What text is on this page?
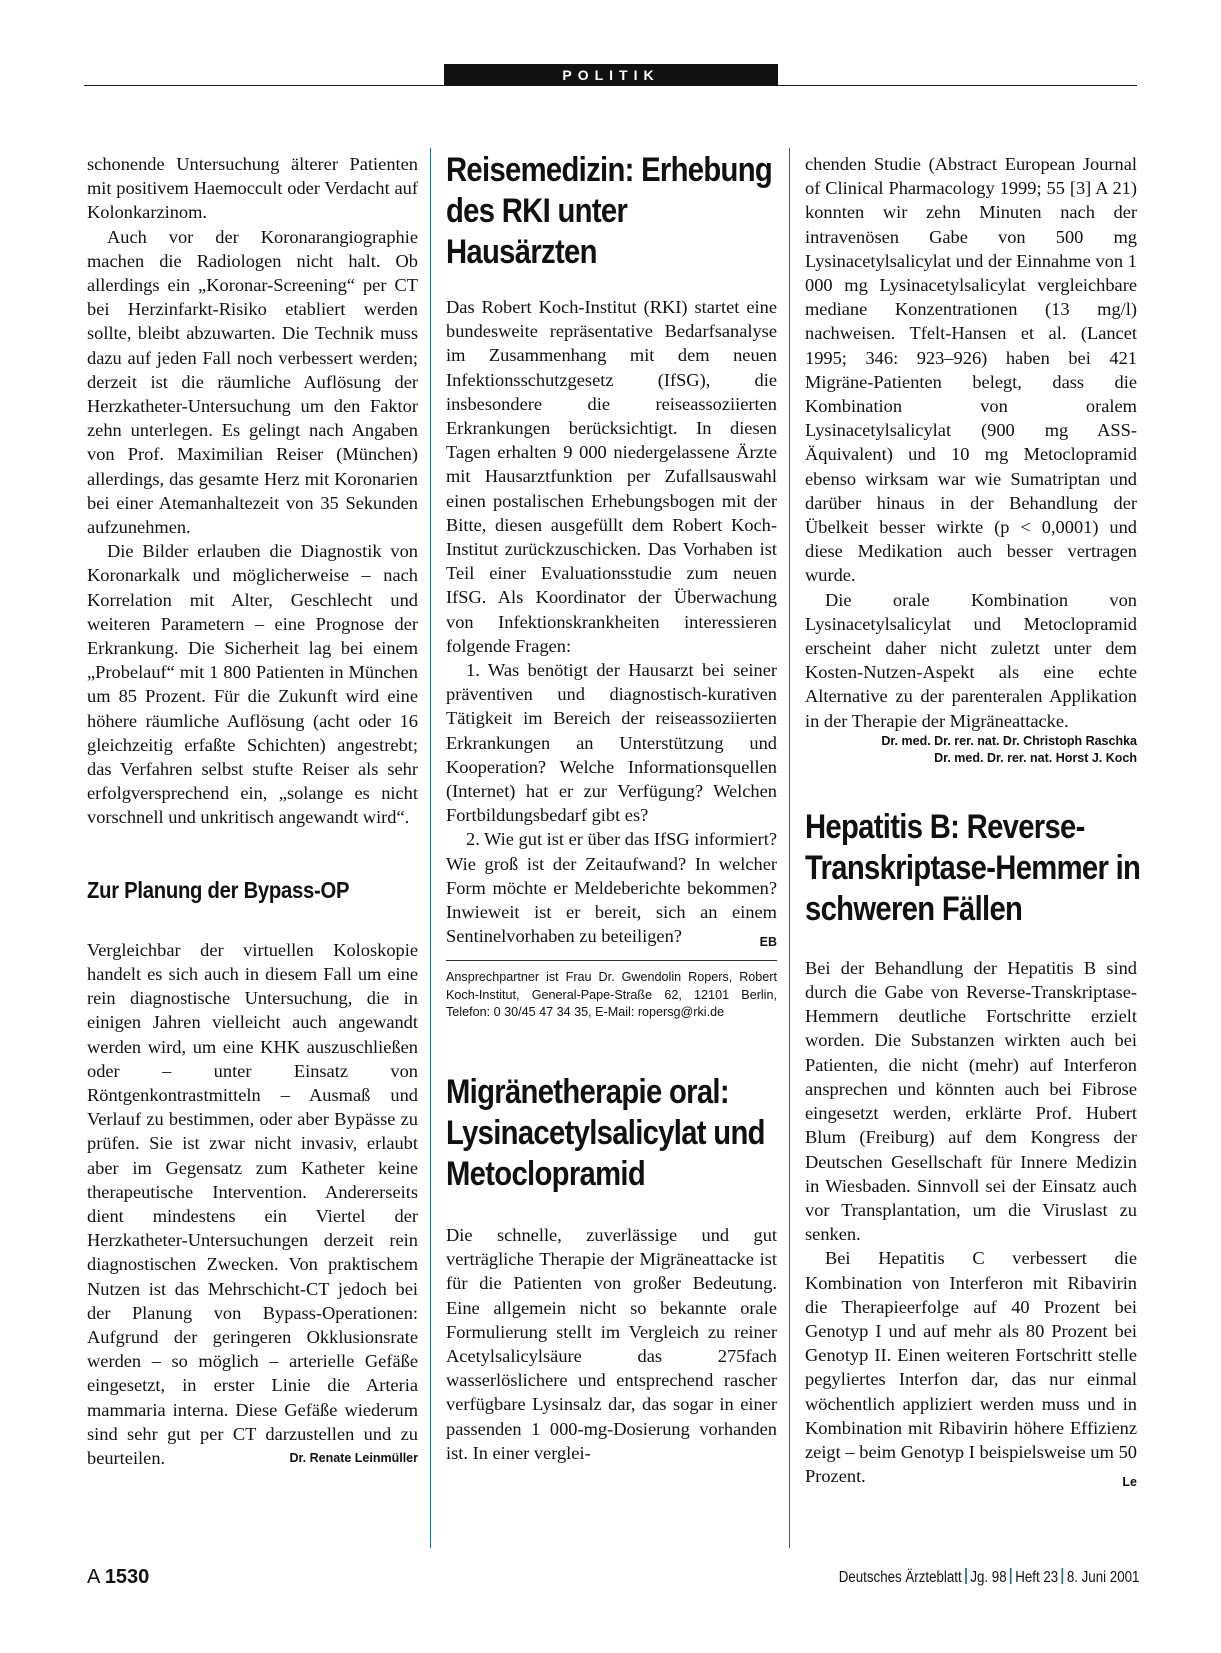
POLITIK

schonende Untersuchung älterer Patienten mit positivem Haemoccult oder Verdacht auf Kolonkarzinom.

Auch vor der Koronarangiographie machen die Radiologen nicht halt. Ob allerdings ein „Koronar-Screening“ per CT bei Herzinfarkt-Risiko etabliert werden sollte, bleibt abzuwarten. Die Technik muss dazu auf jeden Fall noch verbessert werden; derzeit ist die räumliche Auflösung der Herzkatheter-Untersuchung um den Faktor zehn unterlegen. Es gelingt nach Angaben von Prof. Maximilian Reiser (München) allerdings, das gesamte Herz mit Koronarien bei einer Atemanhaltezeit von 35 Sekunden aufzunehmen.

Die Bilder erlauben die Diagnostik von Koronarkalk und möglicherweise – nach Korrelation mit Alter, Geschlecht und weiteren Parametern – eine Prognose der Erkrankung. Die Sicherheit lag bei einem „Probelauf“ mit 1 800 Patienten in München um 85 Prozent. Für die Zukunft wird eine höhere räumliche Auflösung (acht oder 16 gleichzeitig erfaßte Schichten) angestrebt; das Verfahren selbst stufte Reiser als sehr erfolgversprechend ein, „solange es nicht vorschnell und unkritisch angewandt wird“.

Zur Planung der Bypass-OP

Vergleichbar der virtuellen Koloskopie handelt es sich auch in diesem Fall um eine rein diagnostische Untersuchung, die in einigen Jahren vielleicht auch angewandt werden wird, um eine KHK auszuschließen oder – unter Einsatz von Röntgenkontrastmitteln – Ausmaß und Verlauf zu bestimmen, oder aber Bypässe zu prüfen. Sie ist zwar nicht invasiv, erlaubt aber im Gegensatz zum Katheter keine therapeutische Intervention. Andererseits dient mindestens ein Viertel der Herzkatheter-Untersuchungen derzeit rein diagnostischen Zwecken. Von praktischem Nutzen ist das Mehrschicht-CT jedoch bei der Planung von Bypass-Operationen: Aufgrund der geringeren Okklusionsrate werden – so möglich – arterielle Gefäße eingesetzt, in erster Linie die Arteria mammaria interna. Diese Gefäße wiederum sind sehr gut per CT darzustellen und zu beurteilen.	Dr. Renate Leinmüller
Reisemedizin: Erhebung des RKI unter Hausärzten

Das Robert Koch-Institut (RKI) startet eine bundesweite repräsentative Bedarfsanalyse im Zusammenhang mit dem neuen Infektionsschutzgesetz (IfSG), die insbesondere die reiseassoziierten Erkrankungen berücksichtigt. In diesen Tagen erhalten 9 000 niedergelassene Ärzte mit Hausarztfunktion per Zufallsauswahl einen postalischen Erhebungsbogen mit der Bitte, diesen ausgefüllt dem Robert Koch-Institut zurückzuschicken. Das Vorhaben ist Teil einer Evaluationsstudie zum neuen IfSG. Als Koordinator der Überwachung von Infektionskrankheiten interessieren folgende Fragen:

1. Was benötigt der Hausarzt bei seiner präventiven und diagnostisch-kurativen Tätigkeit im Bereich der reiseassoziierten Erkrankungen an Unterstützung und Kooperation? Welche Informationsquellen (Internet) hat er zur Verfügung? Welchen Fortbildungsbedarf gibt es?

2. Wie gut ist er über das IfSG informiert? Wie groß ist der Zeitaufwand? In welcher Form möchte er Meldeberichte bekommen? Inwieweit ist er bereit, sich an einem Sentinelvorhaben zu beteiligen?	EB
Ansprechpartner ist Frau Dr. Gwendolin Ropers, Robert Koch-Institut, General-Pape-Straße 62, 12101 Berlin, Telefon: 0 30/45 47 34 35, E-Mail: ropersg@rki.de
Migränetherapie oral: Lysinacetylsalicylat und Metoclopramid

Die schnelle, zuverlässige und gut verträgliche Therapie der Migräneattacke ist für die Patienten von großer Bedeutung. Eine allgemein nicht so bekannte orale Formulierung stellt im Vergleich zu reiner Acetylsalicylsäure das 275fach wasserlöslichere und entsprechend rascher verfügbare Lysinsalz dar, das sogar in einer passenden 1 000-mg-Dosierung vorhanden ist. In einer verglei-

chenden Studie (Abstract European Journal of Clinical Pharmacology 1999; 55 [3] A 21) konnten wir zehn Minuten nach der intravenösen Gabe von 500 mg Lysinacetylsalicylat und der Einnahme von 1 000 mg Lysinacetylsalicylat vergleichbare mediane Konzentrationen (13 mg/l) nachweisen. Tfelt-Hansen et al. (Lancet 1995; 346: 923–926) haben bei 421 Migräne-Patienten belegt, dass die Kombination von oralem Lysinacetylsalicylat (900 mg ASS-Äquivalent) und 10 mg Metoclopramid ebenso wirksam war wie Sumatriptan und darüber hinaus in der Behandlung der Übelkeit besser wirkte (p < 0,0001) und diese Medikation auch besser vertragen wurde.

Die orale Kombination von Lysinacetylsalicylat und Metoclopramid erscheint daher nicht zuletzt unter dem Kosten-Nutzen-Aspekt als eine echte Alternative zu der parenteralen Applikation in der Therapie der Migräneattacke.

Dr. med. Dr. rer. nat. Dr. Christoph Raschka
Dr. med. Dr. rer. nat. Horst J. Koch
Hepatitis B: Reverse-Transkriptase-Hemmer in schweren Fällen

Bei der Behandlung der Hepatitis B sind durch die Gabe von Reverse-Transkriptase-Hemmern deutliche Fortschritte erzielt worden. Die Substanzen wirkten auch bei Patienten, die nicht (mehr) auf Interferon ansprechen und könnten auch bei Fibrose eingesetzt werden, erklärte Prof. Hubert Blum (Freiburg) auf dem Kongress der Deutschen Gesellschaft für Innere Medizin in Wiesbaden. Sinnvoll sei der Einsatz auch vor Transplantation, um die Viruslast zu senken.

Bei Hepatitis C verbessert die Kombination von Interferon mit Ribavirin die Therapieerfolge auf 40 Prozent bei Genotyp I und auf mehr als 80 Prozent bei Genotyp II. Einen weiteren Fortschritt stelle pegyliertes Interfon dar, das nur einmal wöchentlich appliziert werden muss und in Kombination mit Ribavirin höhere Effizienz zeigt – beim Genotyp I beispielsweise um 50 Prozent.	Le
A 1530	Deutsches Ärzteblatt Jg. 98 Heft 23 8. Juni 2001
